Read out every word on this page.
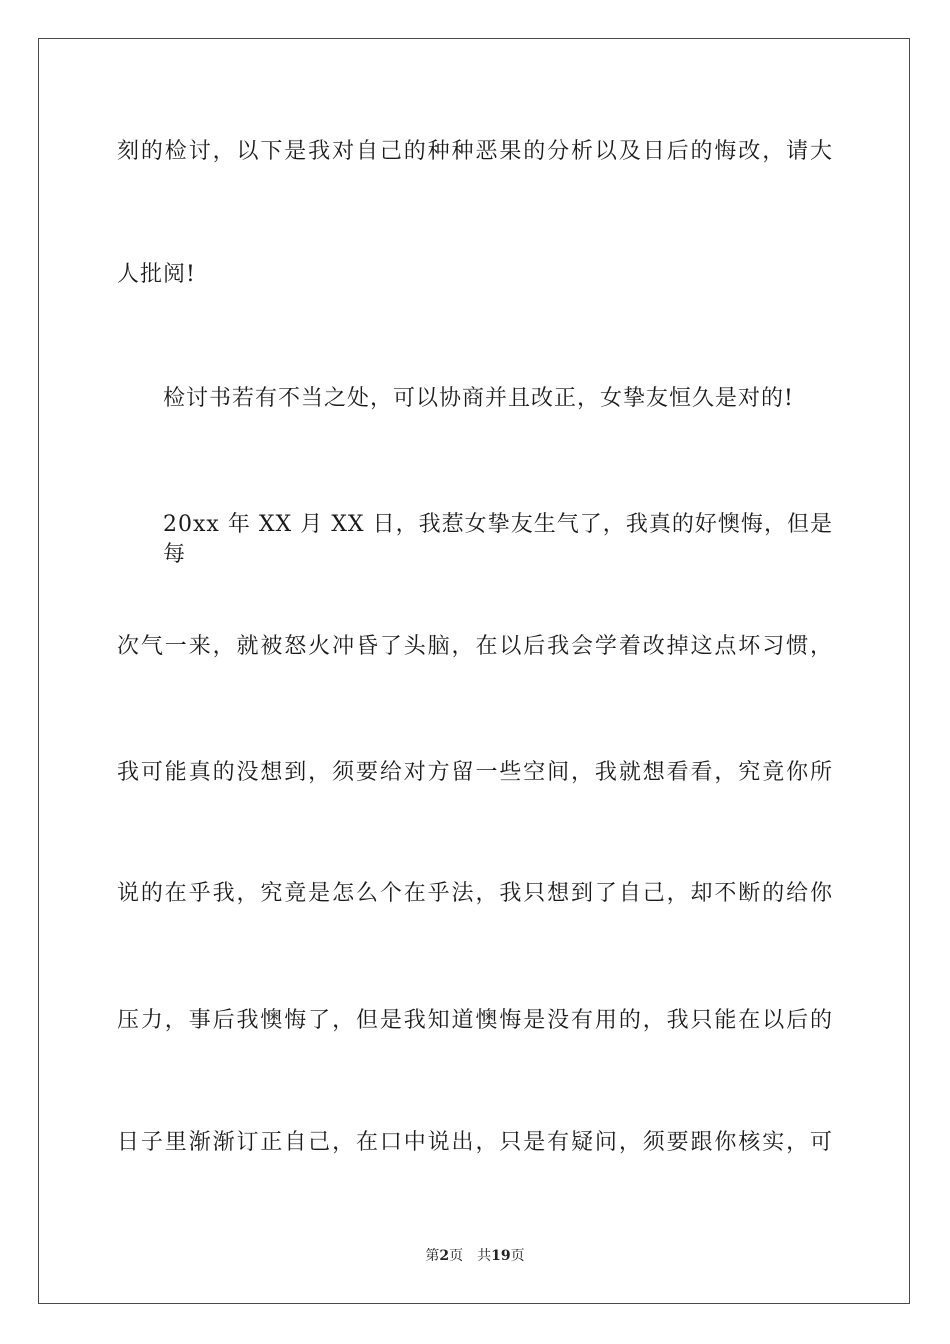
刻的检讨，以下是我对自己的种种恶果的分析以及日后的悔改，请大
人批阅!
检讨书若有不当之处，可以协商并且改正，女挚友恒久是对的!
20xx 年 XX 月 XX 日，我惹女挚友生气了，我真的好懊悔，但是每
次气一来，就被怒火冲昏了头脑，在以后我会学着改掉这点坏习惯，
我可能真的没想到，须要给对方留一些空间，我就想看看，究竟你所
说的在乎我，究竟是怎么个在乎法，我只想到了自己，却不断的给你
压力，事后我懊悔了，但是我知道懊悔是没有用的，我只能在以后的
日子里渐渐订正自己，在口中说出，只是有疑问，须要跟你核实，可
第2页 共19页
